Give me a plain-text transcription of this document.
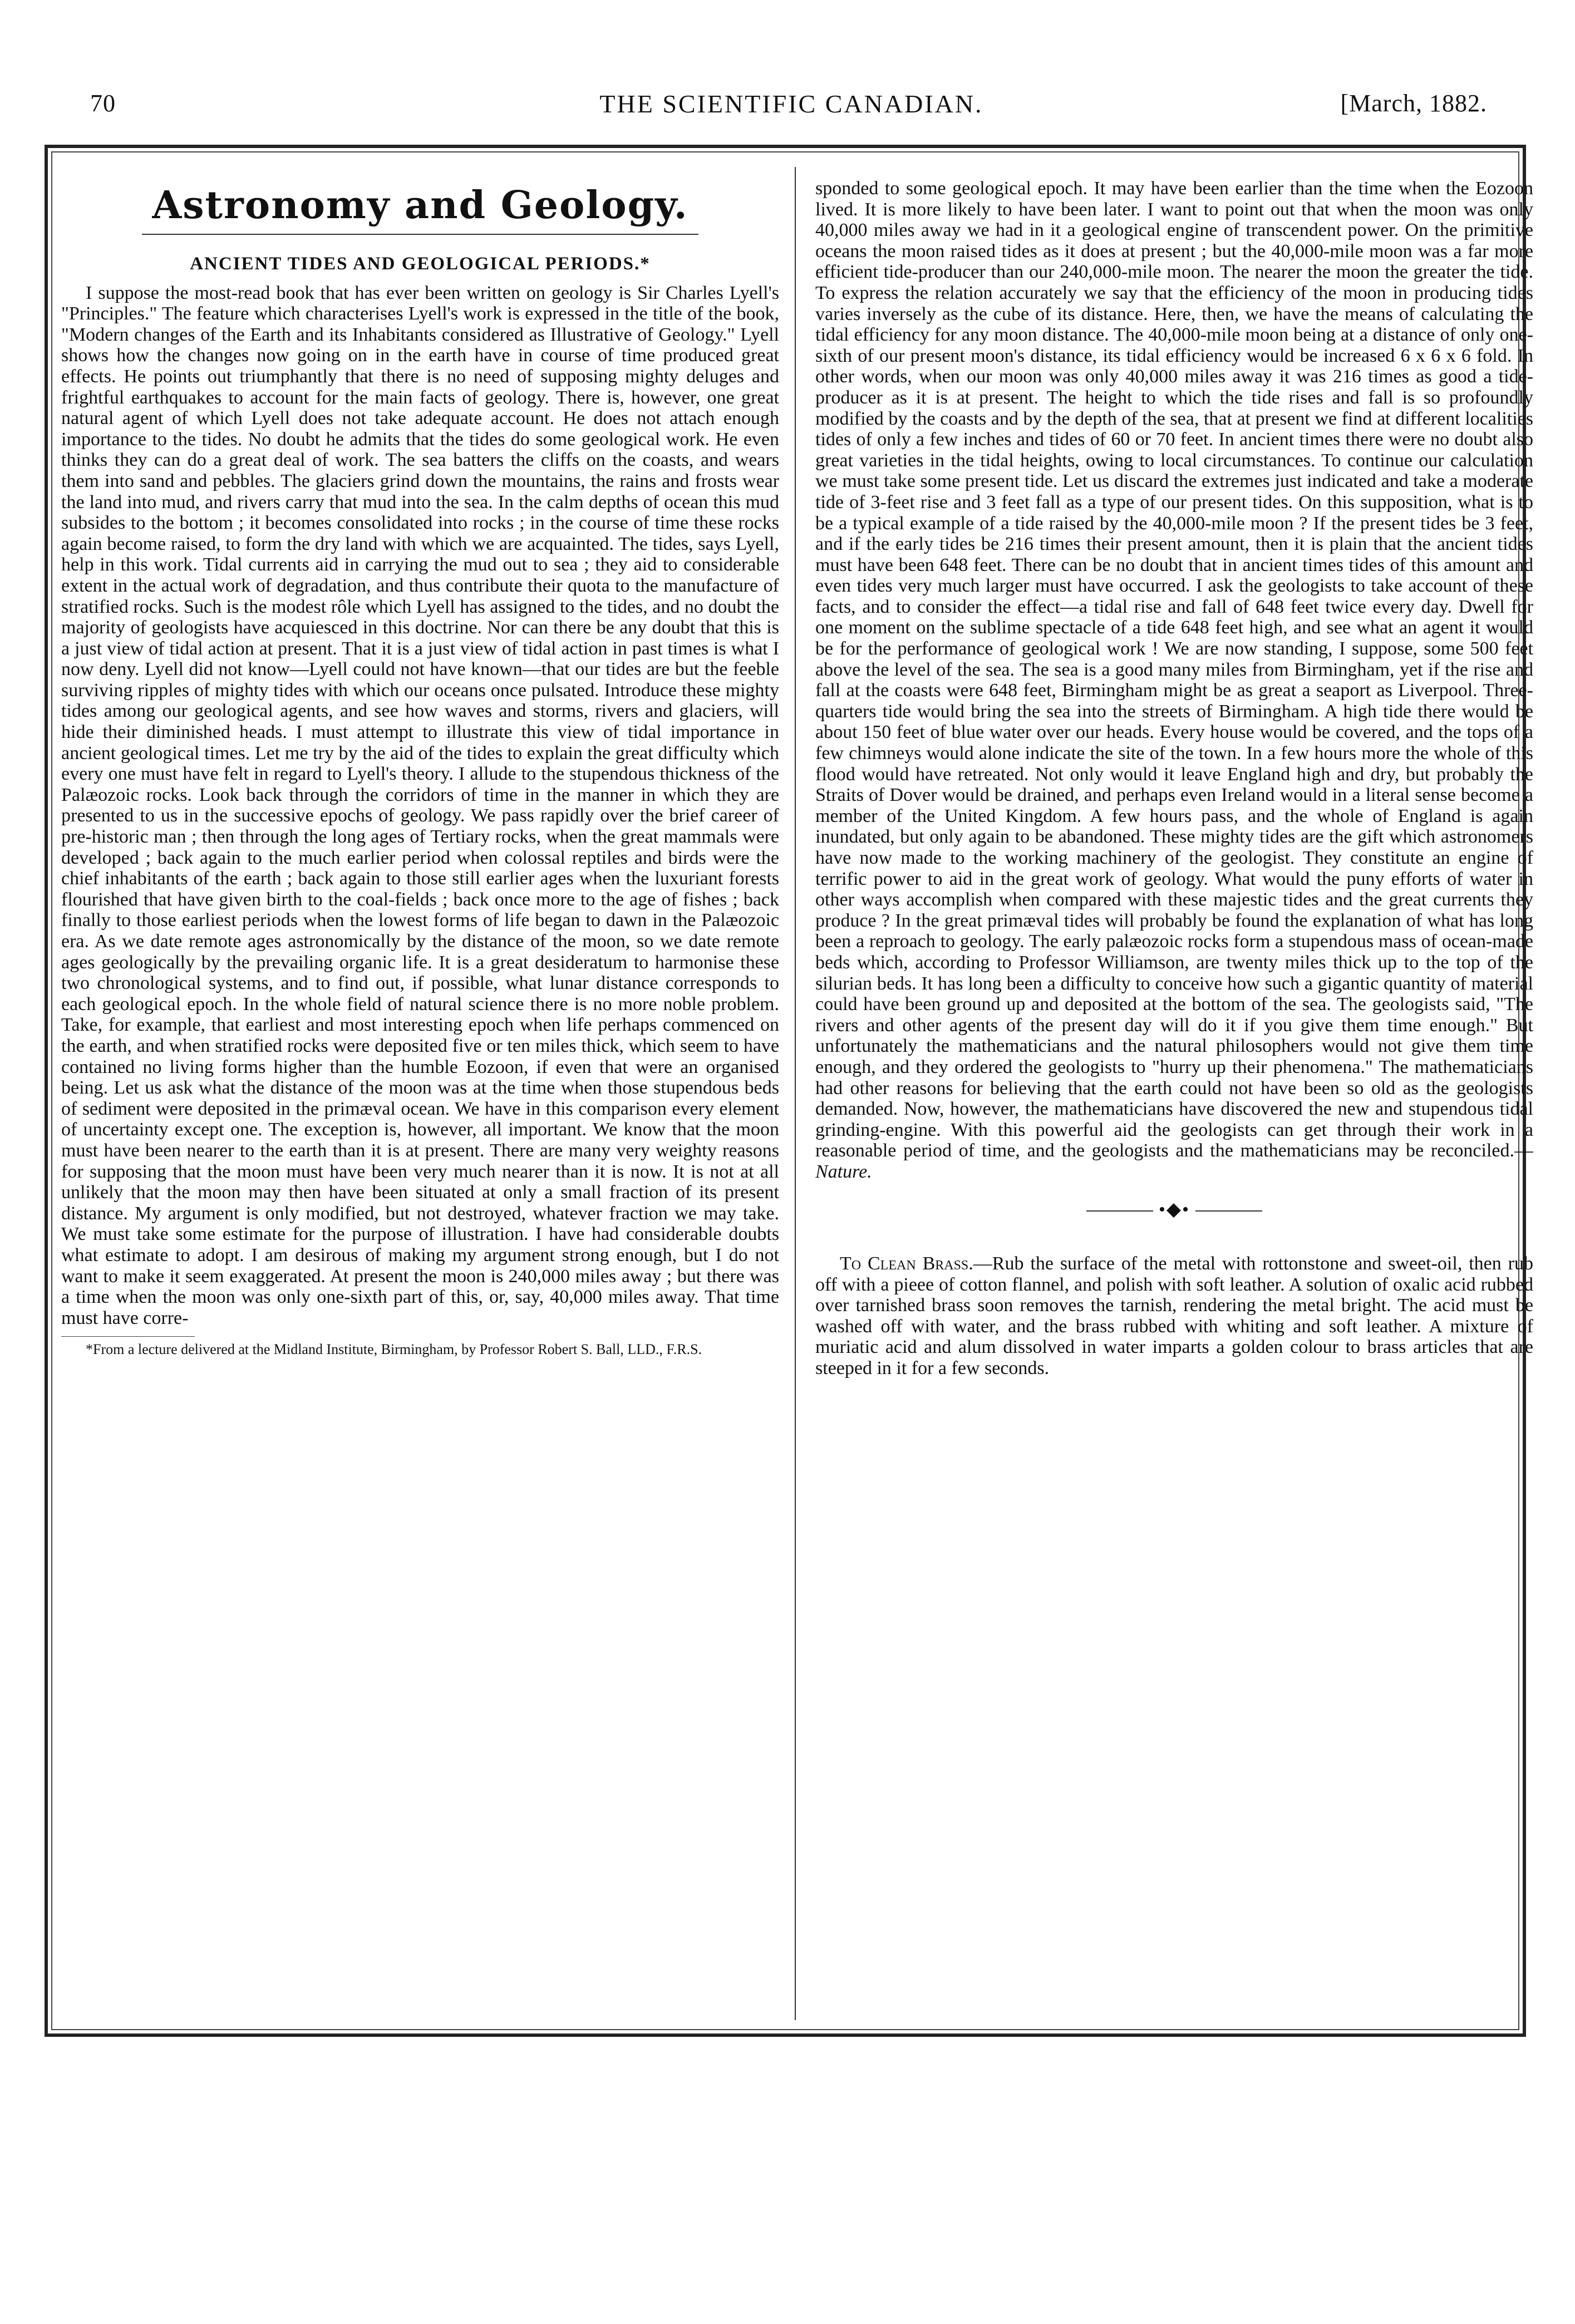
70	THE SCIENTIFIC CANADIAN.	[March, 1882.
Astronomy and Geology.
ANCIENT TIDES AND GEOLOGICAL PERIODS.*

I suppose the most-read book that has ever been written on geology is Sir Charles Lyell's "Principles." The feature which characterises Lyell's work is expressed in the title of the book, "Modern changes of the Earth and its Inhabitants considered as Illustrative of Geology." Lyell shows how the changes now going on in the earth have in course of time produced great effects. He points out triumphantly that there is no need of supposing mighty deluges and frightful earthquakes to account for the main facts of geology. There is, however, one great natural agent of which Lyell does not take adequate account. He does not attach enough importance to the tides. No doubt he admits that the tides do some geological work. He even thinks they can do a great deal of work. The sea batters the cliffs on the coasts, and wears them into sand and pebbles. The glaciers grind down the mountains, the rains and frosts wear the land into mud, and rivers carry that mud into the sea. In the calm depths of ocean this mud subsides to the bottom ; it becomes consolidated into rocks ; in the course of time these rocks again become raised, to form the dry land with which we are acquainted. The tides, says Lyell, help in this work. Tidal currents aid in carrying the mud out to sea ; they aid to considerable extent in the actual work of degradation, and thus contribute their quota to the manufacture of stratified rocks. Such is the modest rôle which Lyell has assigned to the tides, and no doubt the majority of geologists have acquiesced in this doctrine. Nor can there be any doubt that this is a just view of tidal action at present. That it is a just view of tidal action in past times is what I now deny. Lyell did not know—Lyell could not have known—that our tides are but the feeble surviving ripples of mighty tides with which our oceans once pulsated. Introduce these mighty tides among our geological agents, and see how waves and storms, rivers and glaciers, will hide their diminished heads. I must attempt to illustrate this view of tidal importance in ancient geological times. Let me try by the aid of the tides to explain the great difficulty which every one must have felt in regard to Lyell's theory. I allude to the stupendous thickness of the Palæozoic rocks. Look back through the corridors of time in the manner in which they are presented to us in the successive epochs of geology. We pass rapidly over the brief career of pre-historic man ; then through the long ages of Tertiary rocks, when the great mammals were developed ; back again to the much earlier period when colossal reptiles and birds were the chief inhabitants of the earth ; back again to those still earlier ages when the luxuriant forests flourished that have given birth to the coal-fields ; back once more to the age of fishes ; back finally to those earliest periods when the lowest forms of life began to dawn in the Palæozoic era. As we date remote ages astronomically by the distance of the moon, so we date remote ages geologically by the prevailing organic life. It is a great desideratum to harmonise these two chronological systems, and to find out, if possible, what lunar distance corresponds to each geological epoch. In the whole field of natural science there is no more noble problem. Take, for example, that earliest and most interesting epoch when life perhaps commenced on the earth, and when stratified rocks were deposited five or ten miles thick, which seem to have contained no living forms higher than the humble Eozoon, if even that were an organised being. Let us ask what the distance of the moon was at the time when those stupendous beds of sediment were deposited in the primæval ocean. We have in this comparison every element of uncertainty except one. The exception is, however, all important. We know that the moon must have been nearer to the earth than it is at present. There are many very weighty reasons for supposing that the moon must have been very much nearer than it is now. It is not at all unlikely that the moon may then have been situated at only a small fraction of its present distance. My argument is only modified, but not destroyed, whatever fraction we may take. We must take some estimate for the purpose of illustration. I have had considerable doubts what estimate to adopt. I am desirous of making my argument strong enough, but I do not want to make it seem exaggerated. At present the moon is 240,000 miles away ; but there was a time when the moon was only one-sixth part of this, or, say, 40,000 miles away. That time must have corre-

*From a lecture delivered at the Midland Institute, Birmingham, by Professor Robert S. Ball, LLD., F.R.S.

sponded to some geological epoch. It may have been earlier than the time when the Eozoon lived. It is more likely to have been later. I want to point out that when the moon was only 40,000 miles away we had in it a geological engine of transcendent power. On the primitive oceans the moon raised tides as it does at present ; but the 40,000-mile moon was a far more efficient tide-producer than our 240,000-mile moon. The nearer the moon the greater the tide. To express the relation accurately we say that the efficiency of the moon in producing tides varies inversely as the cube of its distance. Here, then, we have the means of calculating the tidal efficiency for any moon distance. The 40,000-mile moon being at a distance of only one-sixth of our present moon's distance, its tidal efficiency would be increased 6 x 6 x 6 fold. In other words, when our moon was only 40,000 miles away it was 216 times as good a tide-producer as it is at present. The height to which the tide rises and fall is so profoundly modified by the coasts and by the depth of the sea, that at present we find at different localities tides of only a few inches and tides of 60 or 70 feet. In ancient times there were no doubt also great varieties in the tidal heights, owing to local circumstances. To continue our calculation we must take some present tide. Let us discard the extremes just indicated and take a moderate tide of 3-feet rise and 3 feet fall as a type of our present tides. On this supposition, what is to be a typical example of a tide raised by the 40,000-mile moon ? If the present tides be 3 feet, and if the early tides be 216 times their present amount, then it is plain that the ancient tides must have been 648 feet. There can be no doubt that in ancient times tides of this amount and even tides very much larger must have occurred. I ask the geologists to take account of these facts, and to consider the effect—a tidal rise and fall of 648 feet twice every day. Dwell for one moment on the sublime spectacle of a tide 648 feet high, and see what an agent it would be for the performance of geological work ! We are now standing, I suppose, some 500 feet above the level of the sea. The sea is a good many miles from Birmingham, yet if the rise and fall at the coasts were 648 feet, Birmingham might be as great a seaport as Liverpool. Three-quarters tide would bring the sea into the streets of Birmingham. A high tide there would be about 150 feet of blue water over our heads. Every house would be covered, and the tops of a few chimneys would alone indicate the site of the town. In a few hours more the whole of this flood would have retreated. Not only would it leave England high and dry, but probably the Straits of Dover would be drained, and perhaps even Ireland would in a literal sense become a member of the United Kingdom. A few hours pass, and the whole of England is again inundated, but only again to be abandoned. These mighty tides are the gift which astronomers have now made to the working machinery of the geologist. They constitute an engine of terrific power to aid in the great work of geology. What would the puny efforts of water in other ways accomplish when compared with these majestic tides and the great currents they produce ? In the great primæval tides will probably be found the explanation of what has long been a reproach to geology. The early palæozoic rocks form a stupendous mass of ocean-made beds which, according to Professor Williamson, are twenty miles thick up to the top of the silurian beds. It has long been a difficulty to conceive how such a gigantic quantity of material could have been ground up and deposited at the bottom of the sea. The geologists said, "The rivers and other agents of the present day will do it if you give them time enough." But unfortunately the mathematicians and the natural philosophers would not give them time enough, and they ordered the geologists to "hurry up their phenomena." The mathematicians had other reasons for believing that the earth could not have been so old as the geologists demanded. Now, however, the mathematicians have discovered the new and stupendous tidal grinding-engine. With this powerful aid the geologists can get through their work in a reasonable period of time, and the geologists and the mathematicians may be reconciled.—Nature.

•◆•

To Clean Brass.—Rub the surface of the metal with rottonstone and sweet-oil, then rub off with a pieee of cotton flannel, and polish with soft leather. A solution of oxalic acid rubbed over tarnished brass soon removes the tarnish, rendering the metal bright. The acid must be washed off with water, and the brass rubbed with whiting and soft leather. A mixture of muriatic acid and alum dissolved in water imparts a golden colour to brass articles that are steeped in it for a few seconds.
